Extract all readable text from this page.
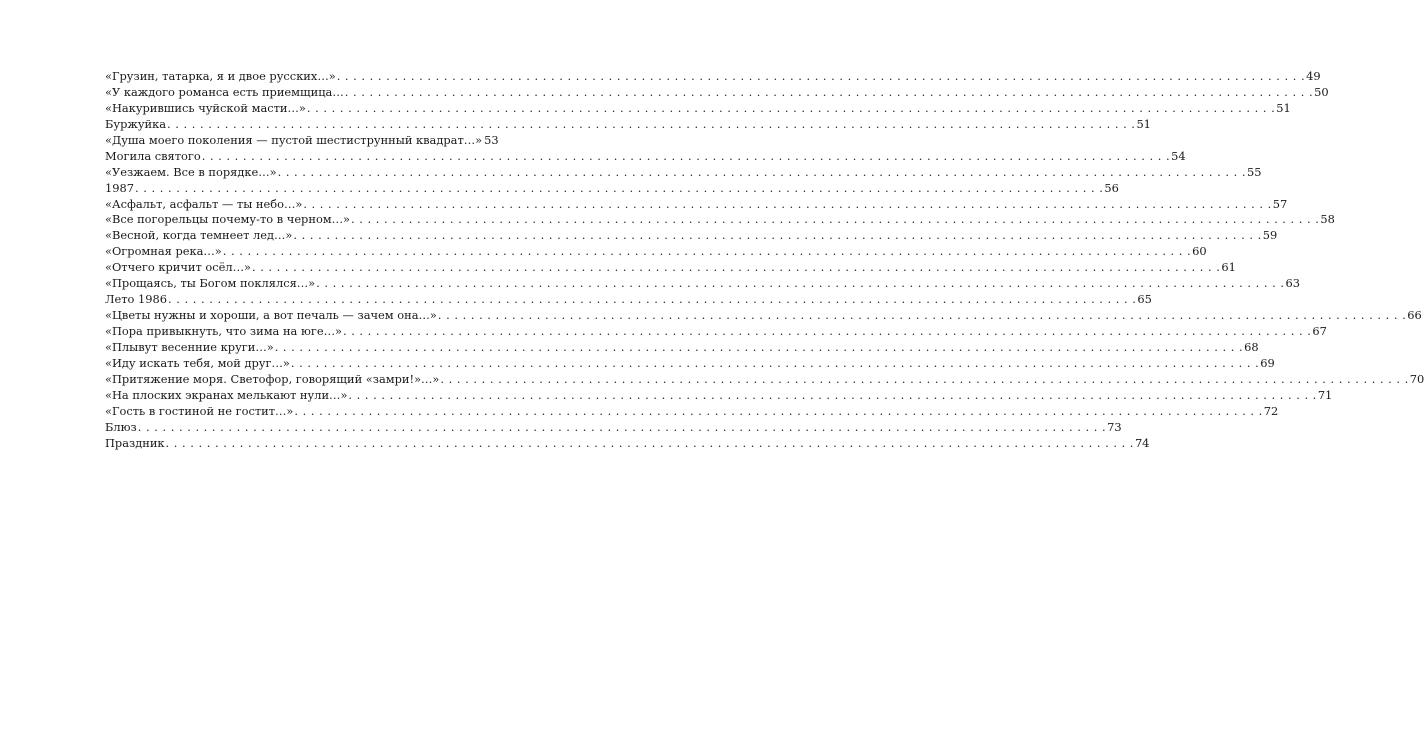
«Грузин, татарка, я и двое русских…» . . .	49
«У каждого романса есть приемщица… . . .	50
«Накурившись чуйской масти…» . . .	51
Буржуйка . . .	51
«Душа моего поколения — пустой шестиструнный квадрат…» 53
Могила святого . . .	54
«Уезжаем. Все в порядке…» . . .	55
1987 . . .	56
«Асфальт, асфальт — ты небо…» . . .	57
«Все погорельцы почему-то в черном…» . . .	58
«Весной, когда темнеет лед…» . . .	59
«Огромная река…» . . .	60
«Отчего кричит осёл…» . . .	61
«Прощаясь, ты Богом поклялся…» . . .	63
Лето 1986 . . .	65
«Цветы нужны и хороши, а вот печаль — зачем она…» . . .	66
«Пора привыкнуть, что зима на юге…» . . .	67
«Плывут весенние круги…» . . .	68
«Иду искать тебя, мой друг…» . . .	69
«Притяжение моря. Светофор, говорящий «замри!»…» . . .	70
«На плоских экранах мелькают нули…» . . .	71
«Гость в гостиной не гостит…» . . .	72
Блюз . . .	73
Праздник . . .	74
